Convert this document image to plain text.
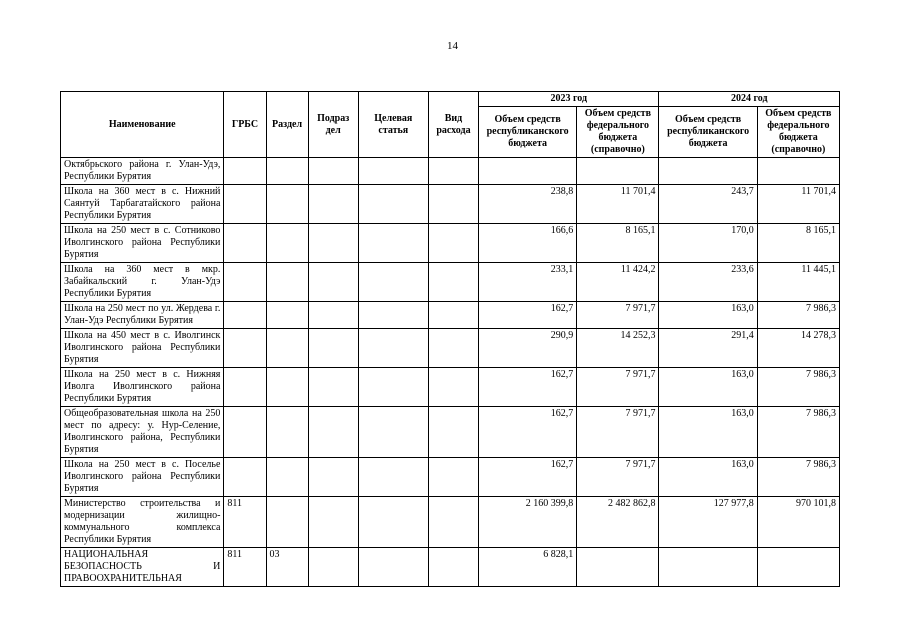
14
Наименование	ГРБС	Раздел	Подраз дел	Целевая статья	Вид расхода	2023 год		2024 год	
						Объем средств республиканского бюджета	Объем средств федерального бюджета (справочно)	Объем средств республиканского бюджета	Объем средств федерального бюджета (справочно)
Октябрьского района г. Улан-Удэ, Республики Бурятия									
Школа на 360 мест в с. Нижний Саянтуй Тарбагатайского района Республики Бурятия						238,8	11 701,4	243,7	11 701,4
Школа на 250 мест в с. Сотниково Иволгинского района Республики Бурятия						166,6	8 165,1	170,0	8 165,1
Школа на 360 мест в мкр. Забайкальский г. Улан-Удэ Республики Бурятия						233,1	11 424,2	233,6	11 445,1
Школа на 250 мест по ул. Жердева г. Улан-Удэ Республики Бурятия						162,7	7 971,7	163,0	7 986,3
Школа на 450 мест в с. Иволгинск Иволгинского района Республики Бурятия						290,9	14 252,3	291,4	14 278,3
Школа на 250 мест в с. Нижняя Иволга Иволгинского района Республики Бурятия						162,7	7 971,7	163,0	7 986,3
Общеобразовательная школа на 250 мест по адресу: у. Нур-Селение, Иволгинского района, Республики Бурятия						162,7	7 971,7	163,0	7 986,3
Школа на 250 мест в с. Поселье Иволгинского района Республики Бурятия						162,7	7 971,7	163,0	7 986,3
Министерство строительства и модернизации жилищно-коммунального комплекса Республики Бурятия	811					2 160 399,8	2 482 862,8	127 977,8	970 101,8
НАЦИОНАЛЬНАЯ БЕЗОПАСНОСТЬ И ПРАВООХРАНИТЕЛЬНАЯ	811	03				6 828,1			
